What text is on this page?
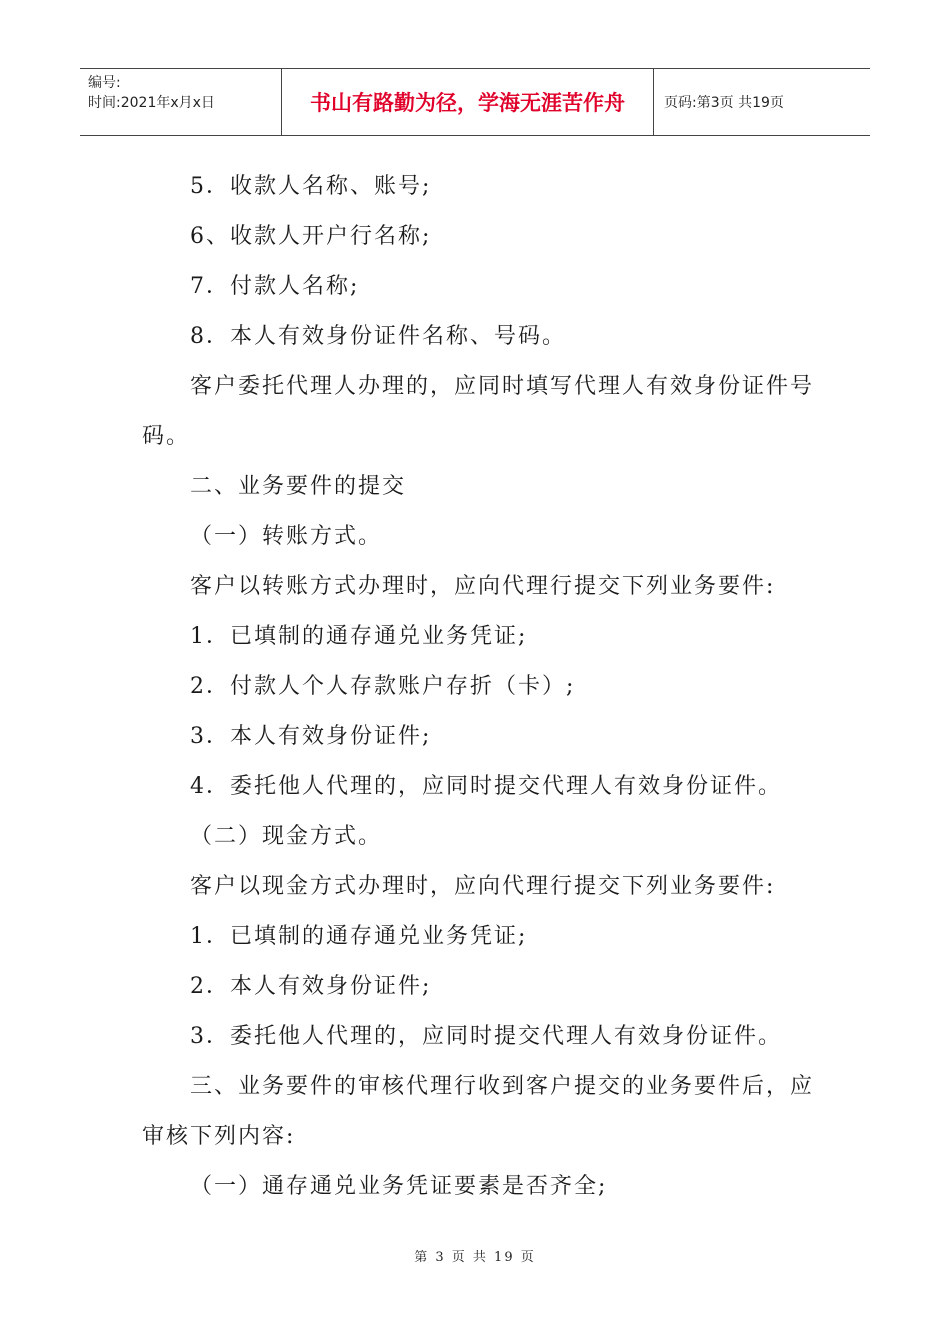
编号:
时间:2021年x月x日	书山有路勤为径，学海无涯苦作舟	页码:第3页 共19页
5．收款人名称、账号;
6、收款人开户行名称;
7．付款人名称;
8．本人有效身份证件名称、号码。
客户委托代理人办理的，应同时填写代理人有效身份证件号
码。
二、业务要件的提交
（一）转账方式。
客户以转账方式办理时，应向代理行提交下列业务要件:
1．已填制的通存通兑业务凭证;
2．付款人个人存款账户存折（卡）;
3．本人有效身份证件;
4．委托他人代理的，应同时提交代理人有效身份证件。
（二）现金方式。
客户以现金方式办理时，应向代理行提交下列业务要件:
1．已填制的通存通兑业务凭证;
2．本人有效身份证件;
3．委托他人代理的，应同时提交代理人有效身份证件。
三、业务要件的审核代理行收到客户提交的业务要件后，应
审核下列内容:
（一）通存通兑业务凭证要素是否齐全;
第 3 页 共 19 页
